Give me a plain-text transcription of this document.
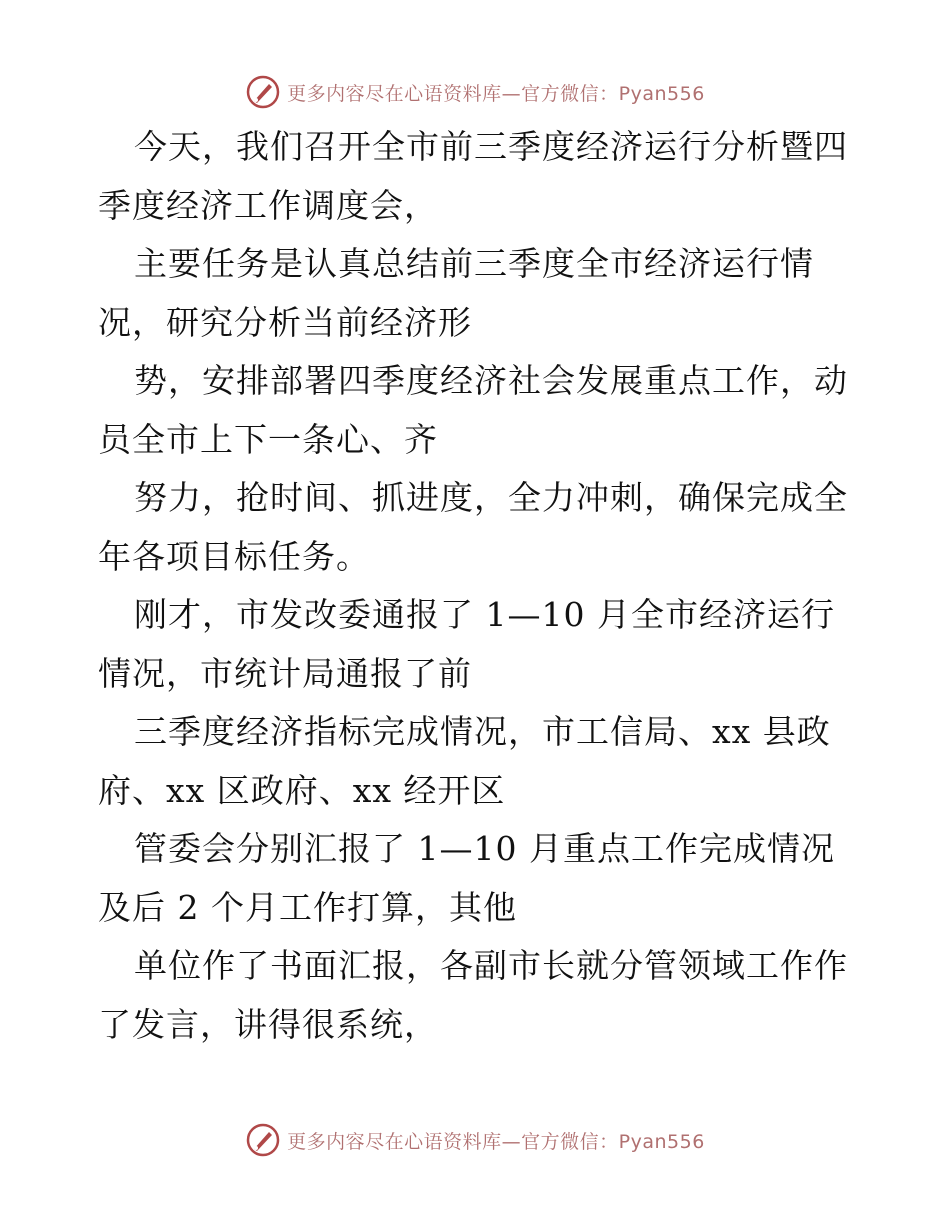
更多内容尽在心语资料库—官方微信：Pyan556
今天，我们召开全市前三季度经济运行分析暨四
季度经济工作调度会，
主要任务是认真总结前三季度全市经济运行情
况，研究分析当前经济形
势，安排部署四季度经济社会发展重点工作，动
员全市上下一条心、齐
努力，抢时间、抓进度，全力冲刺，确保完成全
年各项目标任务。
刚才，市发改委通报了 1—10 月全市经济运行
情况，市统计局通报了前
三季度经济指标完成情况，市工信局、xx 县政
府、xx 区政府、xx 经开区
管委会分别汇报了 1—10 月重点工作完成情况
及后 2 个月工作打算，其他
单位作了书面汇报，各副市长就分管领域工作作
了发言，讲得很系统，
更多内容尽在心语资料库—官方微信：Pyan556
